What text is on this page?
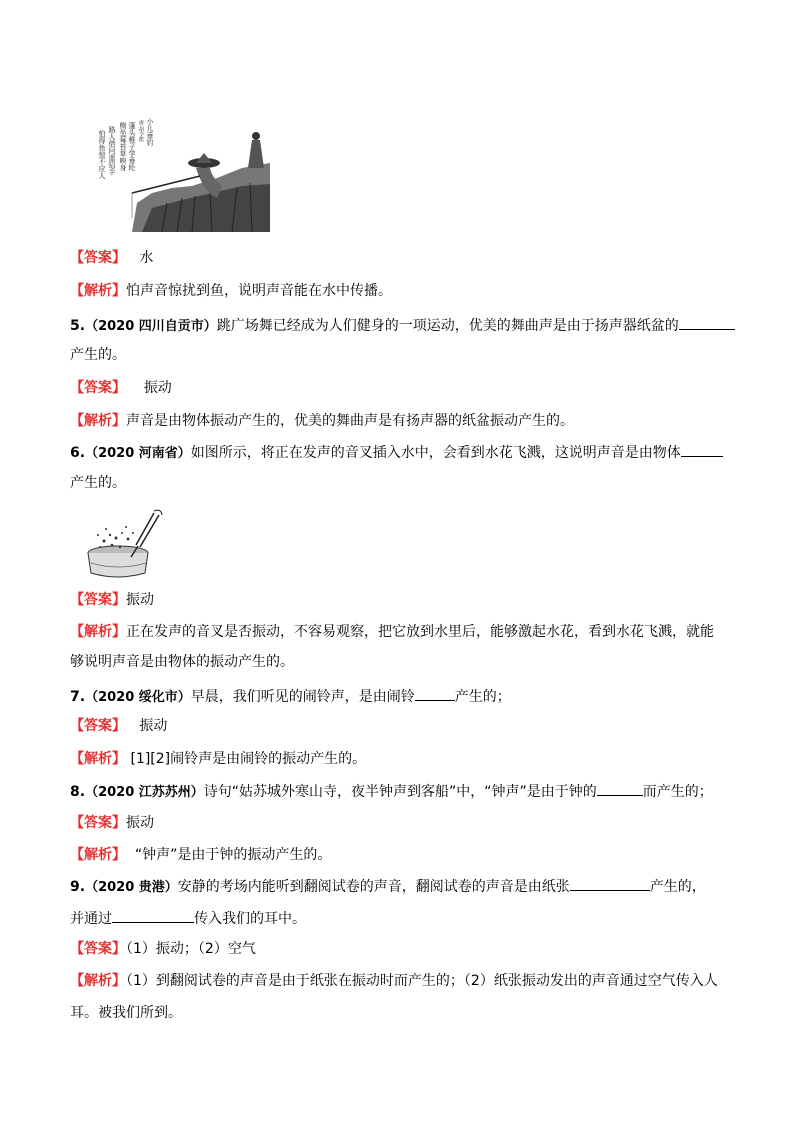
小儿垂钓
唐·胡令能
蓬头稚子学垂纶
侧坐莓苔草映身
路人借问遥招手
怕得鱼惊不应人
【答案】 水
【解析】怕声音惊扰到鱼，说明声音能在水中传播。
5.（2020 四川自贡市）跳广场舞已经成为人们健身的一项运动，优美的舞曲声是由于扬声器纸盆的
产生的。
【答案】 振动
【解析】声音是由物体振动产生的，优美的舞曲声是有扬声器的纸盆振动产生的。
6.（2020 河南省）如图所示，将正在发声的音叉插入水中，会看到水花飞溅，这说明声音是由物体
产生的。
【答案】振动
【解析】正在发声的音叉是否振动，不容易观察，把它放到水里后，能够激起水花，看到水花飞溅，就能
够说明声音是由物体的振动产生的。
7.（2020 绥化市）早晨，我们听见的闹铃声，是由闹铃	产生的；
【答案】 振动
【解析】 [1][2]闹铃声是由闹铃的振动产生的。
8.（2020 江苏苏州）诗句“姑苏城外寒山寺，夜半钟声到客船”中，“钟声”是由于钟的	而产生的；
【答案】振动
【解析】 “钟声”是由于钟的振动产生的。
9.（2020 贵港）安静的考场内能听到翻阅试卷的声音，翻阅试卷的声音是由纸张	产生的，
并通过	传入我们的耳中。
【答案】（1）振动；（2）空气
【解析】（1）到翻阅试卷的声音是由于纸张在振动时而产生的；（2）纸张振动发出的声音通过空气传入人
耳。被我们所到。
